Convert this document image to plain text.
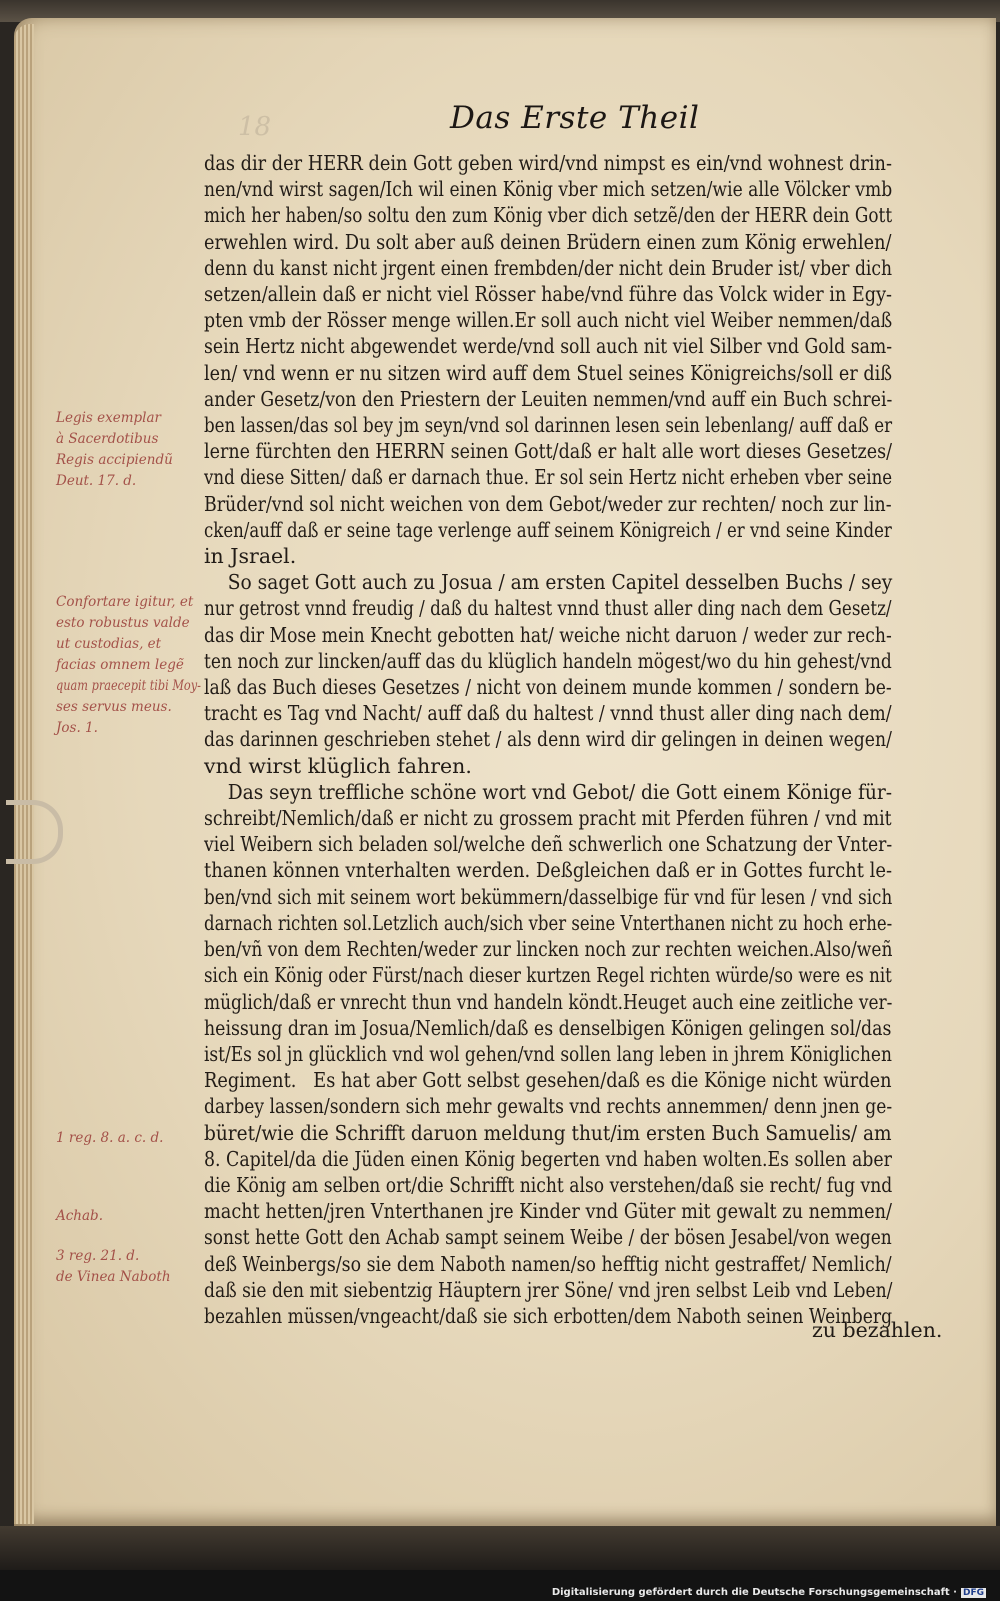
18	Das Erste Theil
das dir der HERR dein Gott geben wird/vnd nimpst es ein/vnd wohnest drin-
nen/vnd wirst sagen/Ich wil einen König vber mich setzen/wie alle Völcker vmb
mich her haben/so soltu den zum König vber dich setzẽ/den der HERR dein Gott
erwehlen wird. Du solt aber auß deinen Brüdern einen zum König erwehlen/
denn du kanst nicht jrgent einen frembden/der nicht dein Bruder ist/ vber dich
setzen/allein daß er nicht viel Rösser habe/vnd führe das Volck wider in Egy-
pten vmb der Rösser menge willen.Er soll auch nicht viel Weiber nemmen/daß
sein Hertz nicht abgewendet werde/vnd soll auch nit viel Silber vnd Gold sam-
len/ vnd wenn er nu sitzen wird auff dem Stuel seines Königreichs/soll er diß
ander Gesetz/von den Priestern der Leuiten nemmen/vnd auff ein Buch schrei-
ben lassen/das sol bey jm seyn/vnd sol darinnen lesen sein lebenlang/ auff daß er
lerne fürchten den HERRN seinen Gott/daß er halt alle wort dieses Gesetzes/
vnd diese Sitten/ daß er darnach thue. Er sol sein Hertz nicht erheben vber seine
Brüder/vnd sol nicht weichen von dem Gebot/weder zur rechten/ noch zur lin-
cken/auff daß er seine tage verlenge auff seinem Königreich / er vnd seine Kinder
in Jsrael.
So saget Gott auch zu Josua / am ersten Capitel desselben Buchs / sey
nur getrost vnnd freudig / daß du haltest vnnd thust aller ding nach dem Gesetz/
das dir Mose mein Knecht gebotten hat/ weiche nicht daruon / weder zur rech-
ten noch zur lincken/auff das du klüglich handeln mögest/wo du hin gehest/vnd
laß das Buch dieses Gesetzes / nicht von deinem munde kommen / sondern be-
tracht es Tag vnd Nacht/ auff daß du haltest / vnnd thust aller ding nach dem/
das darinnen geschrieben stehet / als denn wird dir gelingen in deinen wegen/
vnd wirst klüglich fahren.
Das seyn treffliche schöne wort vnd Gebot/ die Gott einem Könige für-
schreibt/Nemlich/daß er nicht zu grossem pracht mit Pferden führen / vnd mit
viel Weibern sich beladen sol/welche deñ schwerlich one Schatzung der Vnter-
thanen können vnterhalten werden. Deßgleichen daß er in Gottes furcht le-
ben/vnd sich mit seinem wort bekümmern/dasselbige für vnd für lesen / vnd sich
darnach richten sol.Letzlich auch/sich vber seine Vnterthanen nicht zu hoch erhe-
ben/vñ von dem Rechten/weder zur lincken noch zur rechten weichen.Also/weñ
sich ein König oder Fürst/nach dieser kurtzen Regel richten würde/so were es nit
müglich/daß er vnrecht thun vnd handeln köndt.Heuget auch eine zeitliche ver-
heissung dran im Josua/Nemlich/daß es denselbigen Königen gelingen sol/das
ist/Es sol jn glücklich vnd wol gehen/vnd sollen lang leben in jhrem Königlichen
Regiment.   Es hat aber Gott selbst gesehen/daß es die Könige nicht würden
darbey lassen/sondern sich mehr gewalts vnd rechts annemmen/ denn jnen ge-
büret/wie die Schrifft daruon meldung thut/im ersten Buch Samuelis/ am
8. Capitel/da die Jüden einen König begerten vnd haben wolten.Es sollen aber
die König am selben ort/die Schrifft nicht also verstehen/daß sie recht/ fug vnd
macht hetten/jren Vnterthanen jre Kinder vnd Güter mit gewalt zu nemmen/
sonst hette Gott den Achab sampt seinem Weibe / der bösen Jesabel/von wegen
deß Weinbergs/so sie dem Naboth namen/so hefftig nicht gestraffet/ Nemlich/
daß sie den mit siebentzig Häuptern jrer Söne/ vnd jren selbst Leib vnd Leben/
bezahlen müssen/vngeacht/daß sie sich erbotten/dem Naboth seinen Weinberg
zu bezahlen.
Legis exemplar
à Sacerdotibus
Regis accipiendũ
Deut. 17. d.
Confortare igitur, et
esto robustus valde
ut custodias, et
facias omnem legẽ
quam praecepit tibi Moy-
ses servus meus.
Jos. 1.
1 reg. 8. a. c. d.
Achab.
3 reg. 21. d.
de Vinea Naboth
Digitalisierung gefördert durch die Deutsche Forschungsgemeinschaft · DFG
